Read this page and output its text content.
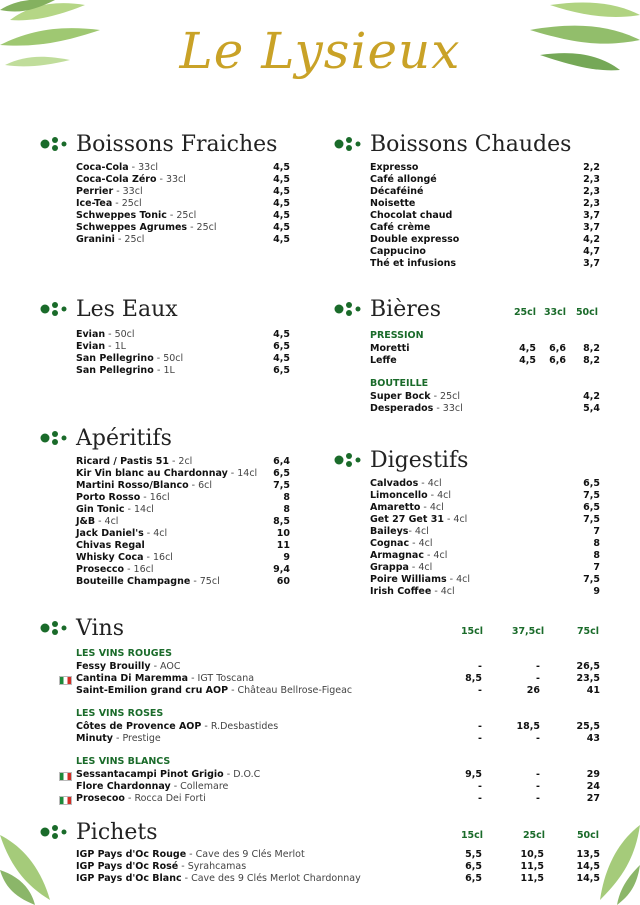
Le Lysieux
Boissons Fraiches
Coca-Cola - 33cl	4,5
Coca-Cola Zéro - 33cl	4,5
Perrier - 33cl	4,5
Ice-Tea - 25cl	4,5
Schweppes Tonic - 25cl	4,5
Schweppes Agrumes - 25cl	4,5
Granini - 25cl	4,5
Boissons Chaudes
Expresso	2,2
Café allongé	2,3
Décaféiné	2,3
Noisette	2,3
Chocolat chaud	3,7
Café crème	3,7
Double expresso	4,2
Cappucino	4,7
Thé et infusions	3,7
Les Eaux
Evian - 50cl	4,5
Evian - 1L	6,5
San Pellegrino - 50cl	4,5
San Pellegrino - 1L	6,5
Bières	25cl 33cl	50cl
PRESSION
Moretti	4,5 6,6 8,2
Leffe	4,5 6,6 8,2
BOUTEILLE
Super Bock - 25cl	4,2
Desperados - 33cl	5,4
Apéritifs
Ricard / Pastis 51 - 2cl	6,4
Kir Vin blanc au Chardonnay - 14cl 6,5
Martini Rosso/Blanco - 6cl	7,5
Porto Rosso - 16cl	8
Gin Tonic - 14cl	8
J&B - 4cl	8,5
Jack Daniel's - 4cl	10
Chivas Regal	11
Whisky Coca - 16cl	9
Prosecco - 16cl	9,4
Bouteille Champagne - 75cl	60
Digestifs
Calvados - 4cl	6,5
Limoncello - 4cl	7,5
Amaretto - 4cl	6,5
Get 27 Get 31 - 4cl	7,5
Baileys- 4cl	7
Cognac - 4cl	8
Armagnac - 4cl	8
Grappa - 4cl	7
Poire Williams - 4cl	7,5
Irish Coffee - 4cl	9
Vins	15cl	37,5cl	75cl
LES VINS ROUGES
Fessy Brouilly - AOC	-	-	26,5
Cantina Di Maremma - IGT Toscana	8,5	-	23,5
Saint-Emilion grand cru AOP - Château Bellrose-Figeac	-	26	41
LES VINS ROSES
Côtes de Provence AOP - R.Desbastides	-	18,5	25,5
Minuty - Prestige	-	-	43
LES VINS BLANCS
Sessantacampi Pinot Grigio - D.O.C	9,5	-	29
Flore Chardonnay - Collemare	-	-	24
Prosecoo - Rocca Dei Forti	-	-	27
Pichets	15cl	25cl	50cl
IGP Pays d'Oc Rouge - Cave des 9 Clés Merlot	5,5	10,5	13,5
IGP Pays d'Oc Rosé - Syrahcamas	6,5	11,5	14,5
IGP Pays d'Oc Blanc - Cave des 9 Clés Merlot Chardonnay	6,5	11,5	14,5
